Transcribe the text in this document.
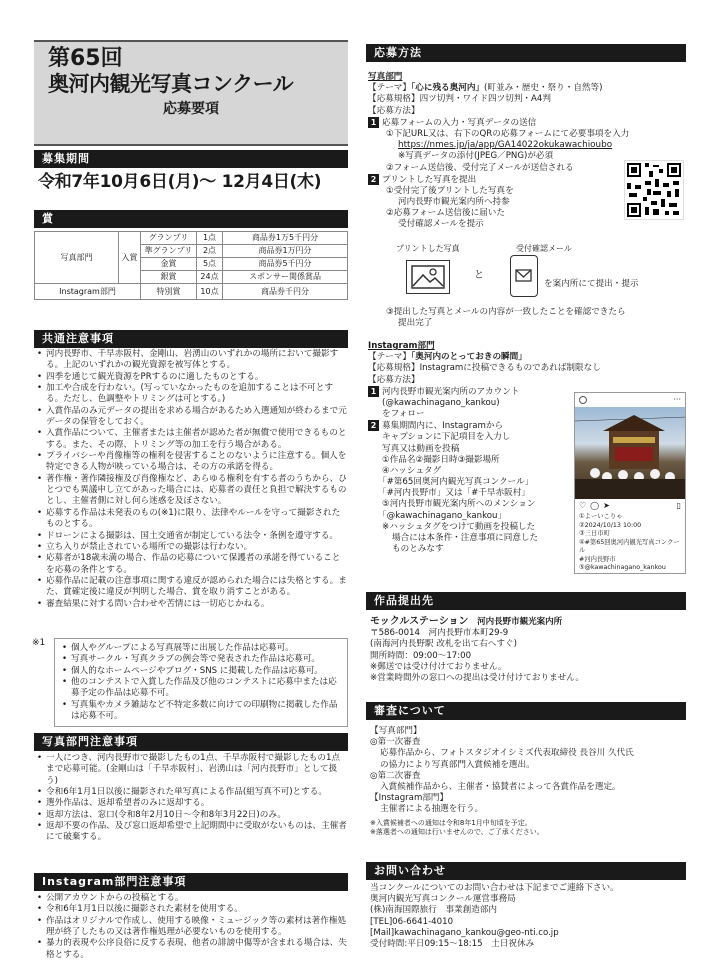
第65回
奥河内観光写真コンクール
応募要項
募集期間
令和7年10月6日(月)～ 12月4日(木)
賞
写真部門	入賞	グランプリ	1点	商品券1万5千円分
		準グランプリ	2点	商品券1万円分
		金賞	5点	商品券5千円分
		銀賞	24点	スポンサー関係賞品
Instagram部門		特別賞	10点	商品券千円分
共通注意事項
• 河内長野市、千早赤阪村、金剛山、岩湧山のいずれかの場所において撮影する。上記のいずれかの観光資源を被写体とする。
• 四季を通じて観光資源をPRするのに適したものとする。
• 加工や合成を行わない。(写っていなかったものを追加することは不可とする。ただし、色調整やトリミングは可とする。)
• 入賞作品のみ元データの提出を求める場合があるため入選通知が終わるまで元データの保管をしておく。
• 入賞作品について、主催者または主催者が認めた者が無償で使用できるものとする。また、その際、トリミング等の加工を行う場合がある。
• プライバシーや肖像権等の権利を侵害することのないように注意する。個人を特定できる人物が映っている場合は、その方の承諾を得る。
• 著作権・著作隣接権及び肖像権など、あらゆる権利を有する者のうちから、ひとつでも異議申し立てがあった場合には、応募者の責任と負担で解決するものとし、主催者側に対し何ら迷惑を及ぼさない。
• 応募する作品は未発表のもの(※1)に限り、法律やルールを守って撮影されたものとする。
• ドローンによる撮影は、国土交通省が制定している法令・条例を遵守する。
• 立ち入りが禁止されている場所での撮影は行わない。
• 応募者が18歳未満の場合、作品の応募について保護者の承諾を得ていることを応募の条件とする。
• 応募作品に記載の注意事項に関する違反が認められた場合には失格とする。また、賞確定後に違反が判明した場合、賞を取り消すことがある。
• 審査結果に対する問い合わせや苦情には一切応じかねる。
※1	• 個人やグループによる写真展等に出展した作品は応募可。
• 写真サークル・写真クラブの例会等で発表された作品は応募可。
• 個人的なホームページやブログ・SNS に掲載した作品は応募可。
• 他のコンテストで入賞した作品及び他のコンテストに応募中または応募予定の作品は応募不可。
• 写真集やカメラ雑誌など不特定多数に向けての印刷物に掲載した作品は応募不可。
写真部門注意事項
• 一人につき、河内長野市で撮影したもの1点、千早赤阪村で撮影したもの1点まで応募可能。(金剛山は「千早赤阪村」、岩湧山は「河内長野市」として扱う)
• 令和6年1月1日以後に撮影された単写真による作品(組写真不可)とする。
• 選外作品は、返却希望者のみに返却する。
• 返却方法は、窓口(令和8年2月10日～令和8年3月22日)のみ。
• 返却不要の作品、及び窓口返却希望で上記期間中に受取がないものは、主催者にて破棄する。
Instagram部門注意事項
• 公開アカウントからの投稿とする。
• 令和6年1月1日以後に撮影された素材を使用する。
• 作品はオリジナルで作成し、使用する映像・ミュージック等の素材は著作権処理が終了したもの又は著作権処理が必要ないものを使用する。
• 暴力的表現や公序良俗に反する表現、他者の誹謗中傷等が含まれる場合は、失格とする。
応募方法
写真部門
【テーマ】「心に残る奥河内」(町並み・歴史・祭り・自然等)
【応募規格】四ツ切判・ワイド四ツ切判・A4判
【応募方法】
1 応募フォームの入力・写真データの送信
①下記URL又は、右下のQRの応募フォームにて必要事項を入力
https://nmes.jp/ja/app/GA14022okukawachioubo
※写真データの添付(JPEG／PNG)が必須
②フォーム送信後、受付完了メールが送信される
2 プリントした写真を提出
①受付完了後プリントした写真を
河内長野市観光案内所へ持参
②応募フォーム送信後に届いた
受付確認メールを提示
プリントした写真	受付確認メール
と
を案内所にて提出・提示
③提出した写真とメールの内容が一致したことを確認できたら
提出完了
Instagram部門
【テーマ】「奥河内のとっておきの瞬間」
【応募規格】Instagramに投稿できるものであれば制限なし
【応募方法】
1 河内長野市観光案内所のアカウント
(@kawachinagano_kankou)
をフォロー
2 募集期間内に、Instagramから
キャプションに下記項目を入力し
写真又は動画を投稿
①作品名②撮影日時③撮影場所
④ハッシュタグ
「#第65回奥河内観光写真コンクール」
「#河内長野市」又は「#千早赤阪村」
⑤河内長野市観光案内所へのメンション
「@kawachinagano_kankou」
※ハッシュタグをつけて動画を投稿した
場合には本条件・注意事項に同意した
ものとみなす
···
♡ ◯ ➤	▯
①よーいこりゃ
②2024/10/13 10:00
③三日市町
④#第65回奥河内観光写真コンクール
#河内長野市
⑤@kawachinagano_kankou
作品提出先
モックルステーション　 河内長野市観光案内所
〒586-0014　河内長野市本町29-9
(南海河内長野駅 改札を出て右へすぐ)
開所時間：09:00～17:00
※郵送では受け付けておりません。
※営業時間外の窓口への提出は受け付けておりません。
審査について
【写真部門】
◎第一次審査
応募作品から、フォトスタジオイシミズ代表取締役 長谷川 久代氏
の協力により写真部門入賞候補を選出。
◎第二次審査
入賞候補作品から、主催者・協賛者によって各賞作品を選定。
【Instagram部門】
主催者による抽選を行う。
※入賞候補者への通知は令和8年1月中旬頃を予定。
※落選者への通知は行いませんので、ご了承ください。
お問い合わせ
当コンクールについてのお問い合わせは下記までご連絡下さい。
奥河内観光写真コンクール運営事務局
(株)南海国際旅行　事業創造部内
[TEL]06-6641-4010
[Mail]kawachinagano_kankou@geo-nti.co.jp
受付時間:平日09:15～18:15　土日祝休み
